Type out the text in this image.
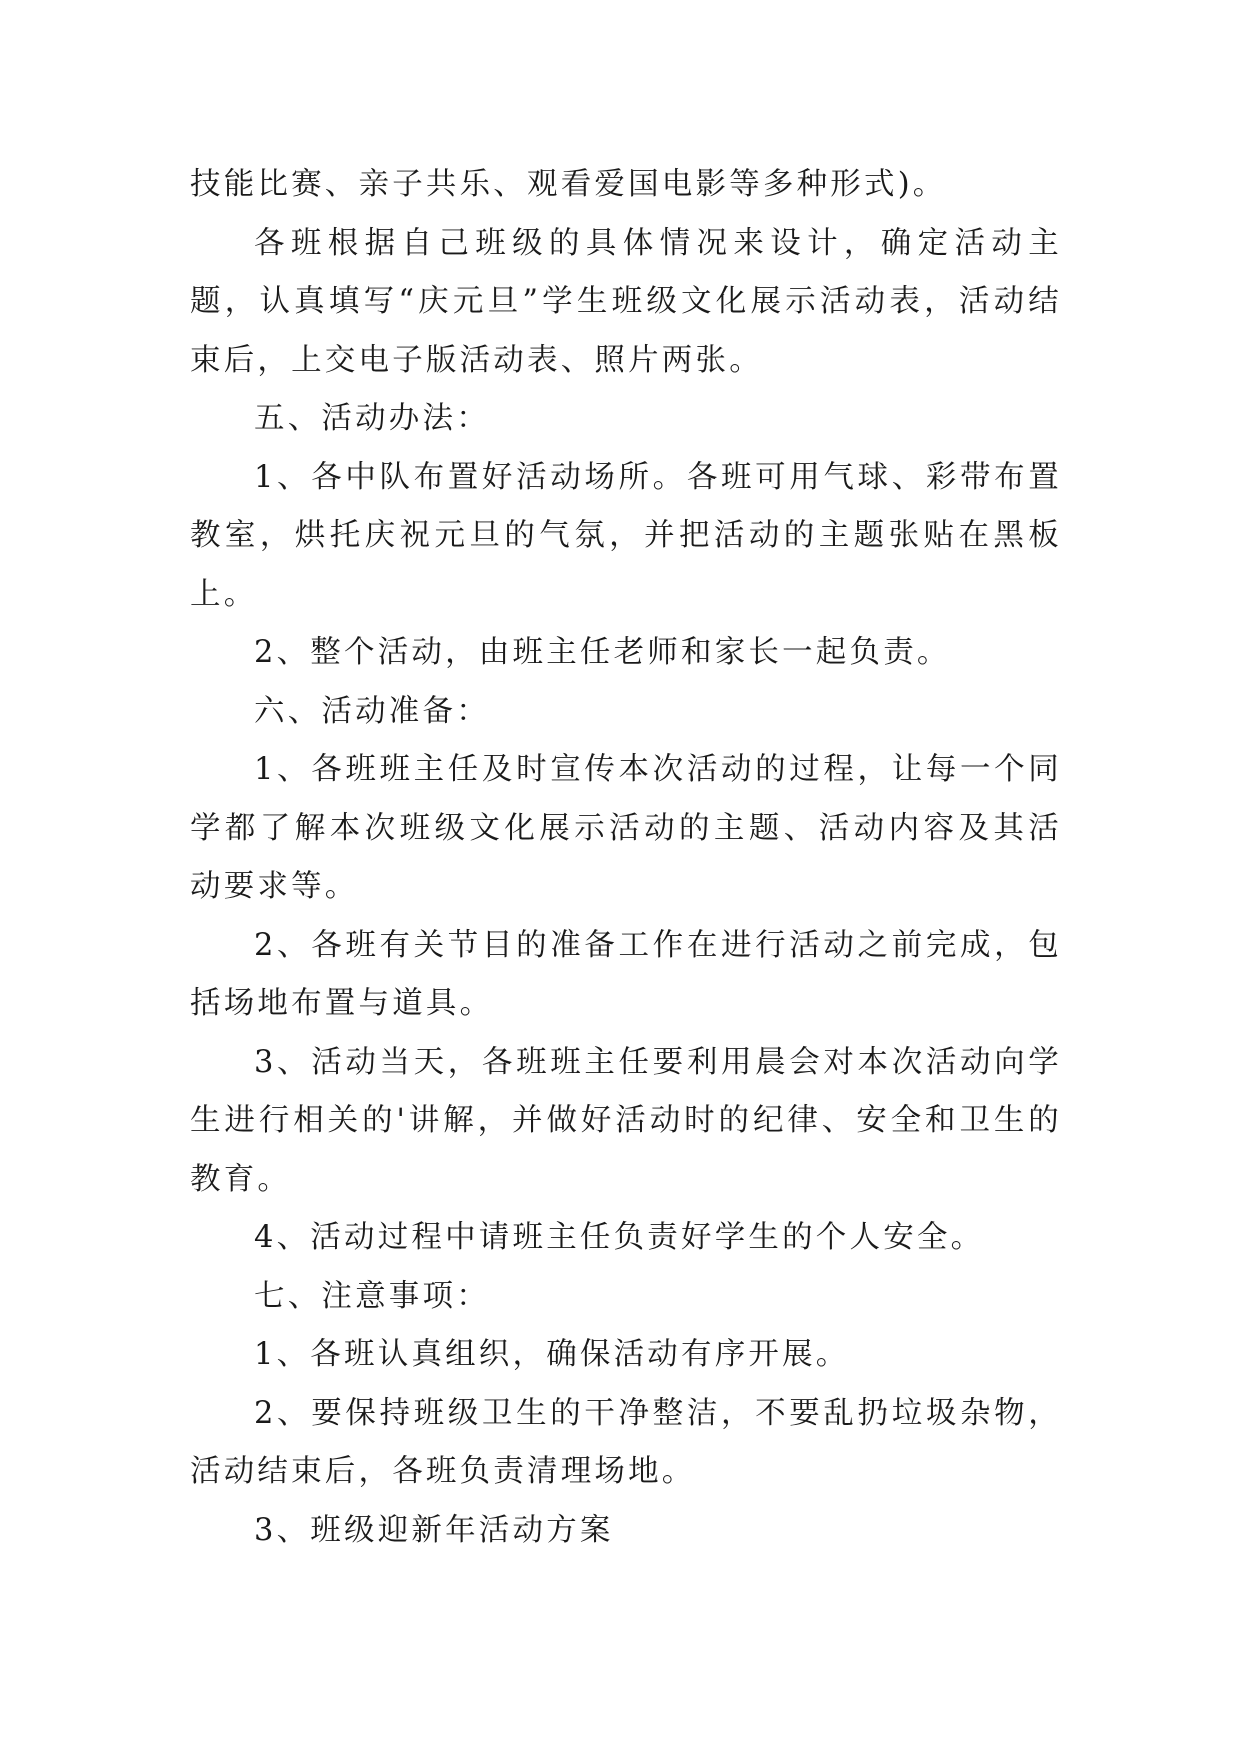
技能比赛、亲子共乐、观看爱国电影等多种形式)。

各班根据自己班级的具体情况来设计，确定活动主题，认真填写“庆元旦”学生班级文化展示活动表，活动结束后，上交电子版活动表、照片两张。

五、活动办法：

1、各中队布置好活动场所。各班可用气球、彩带布置教室，烘托庆祝元旦的气氛，并把活动的主题张贴在黑板上。

2、整个活动，由班主任老师和家长一起负责。

六、活动准备：

1、各班班主任及时宣传本次活动的过程，让每一个同学都了解本次班级文化展示活动的主题、活动内容及其活动要求等。

2、各班有关节目的准备工作在进行活动之前完成，包括场地布置与道具。

3、活动当天，各班班主任要利用晨会对本次活动向学生进行相关的'讲解，并做好活动时的纪律、安全和卫生的教育。

4、活动过程中请班主任负责好学生的个人安全。

七、注意事项：

1、各班认真组织，确保活动有序开展。

2、要保持班级卫生的干净整洁，不要乱扔垃圾杂物，活动结束后，各班负责清理场地。

3、班级迎新年活动方案
